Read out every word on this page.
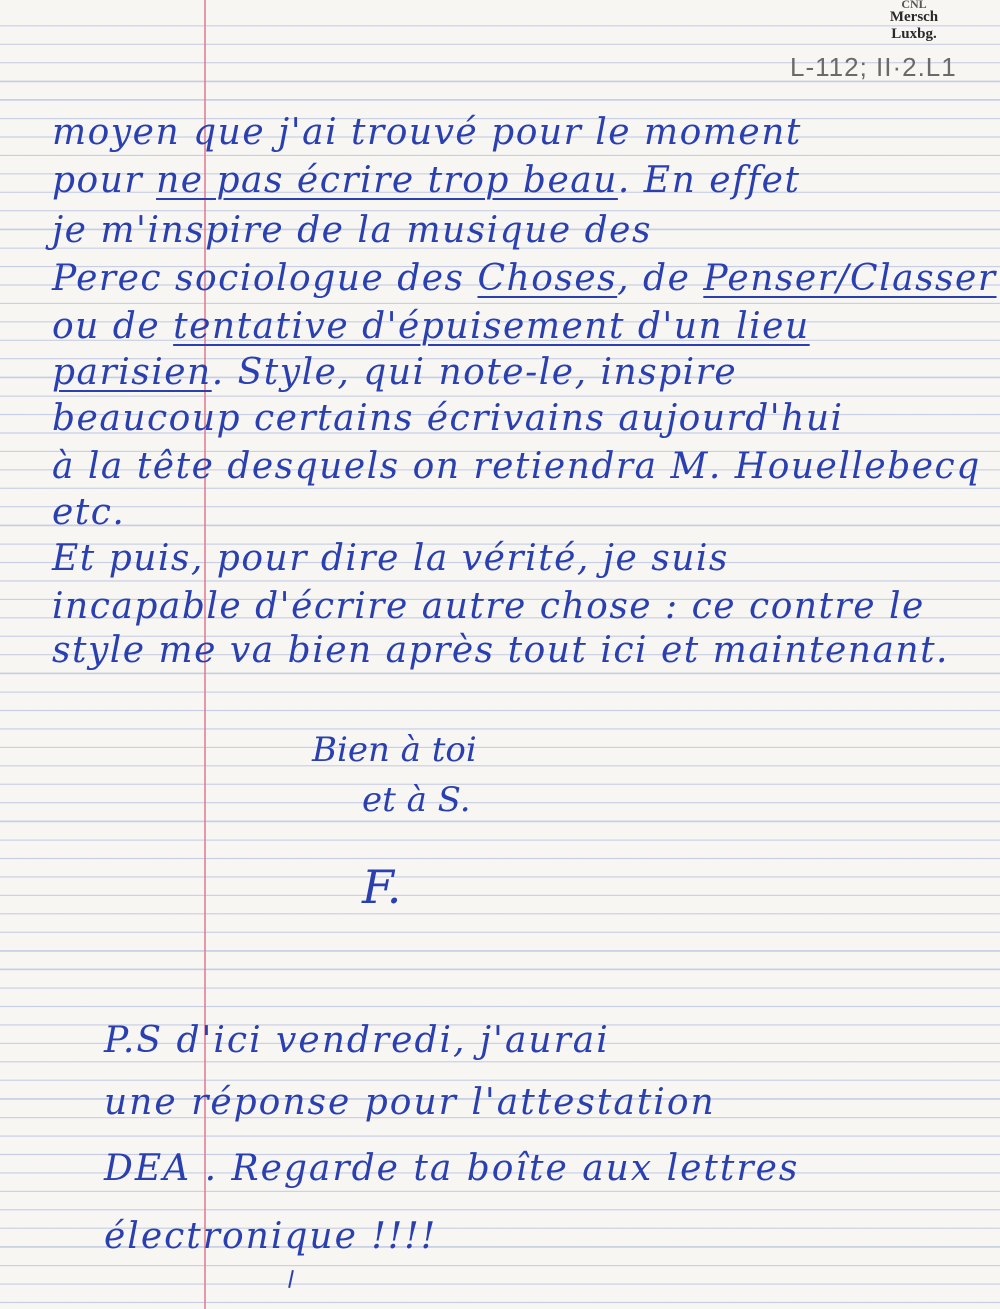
CNL
Mersch
Luxbg.
L-112; II·2.L1
moyen que j'ai trouvé pour le moment
pour ne pas écrire trop beau. En effet
je m'inspire de la musique des
Perec sociologue des Choses, de Penser/Classer
ou de tentative d'épuisement d'un lieu
parisien. Style, qui note-le, inspire
beaucoup certains écrivains aujourd'hui
à la tête desquels on retiendra M. Houellebecq
etc.
Et puis, pour dire la vérité, je suis
incapable d'écrire autre chose : ce contre le
style me va bien après tout ici et maintenant.
Bien à toi
et à S.
F.
P.S d'ici vendredi, j'aurai
une réponse pour l'attestation
DEA . Regarde ta boîte aux lettres
électronique !!!!
